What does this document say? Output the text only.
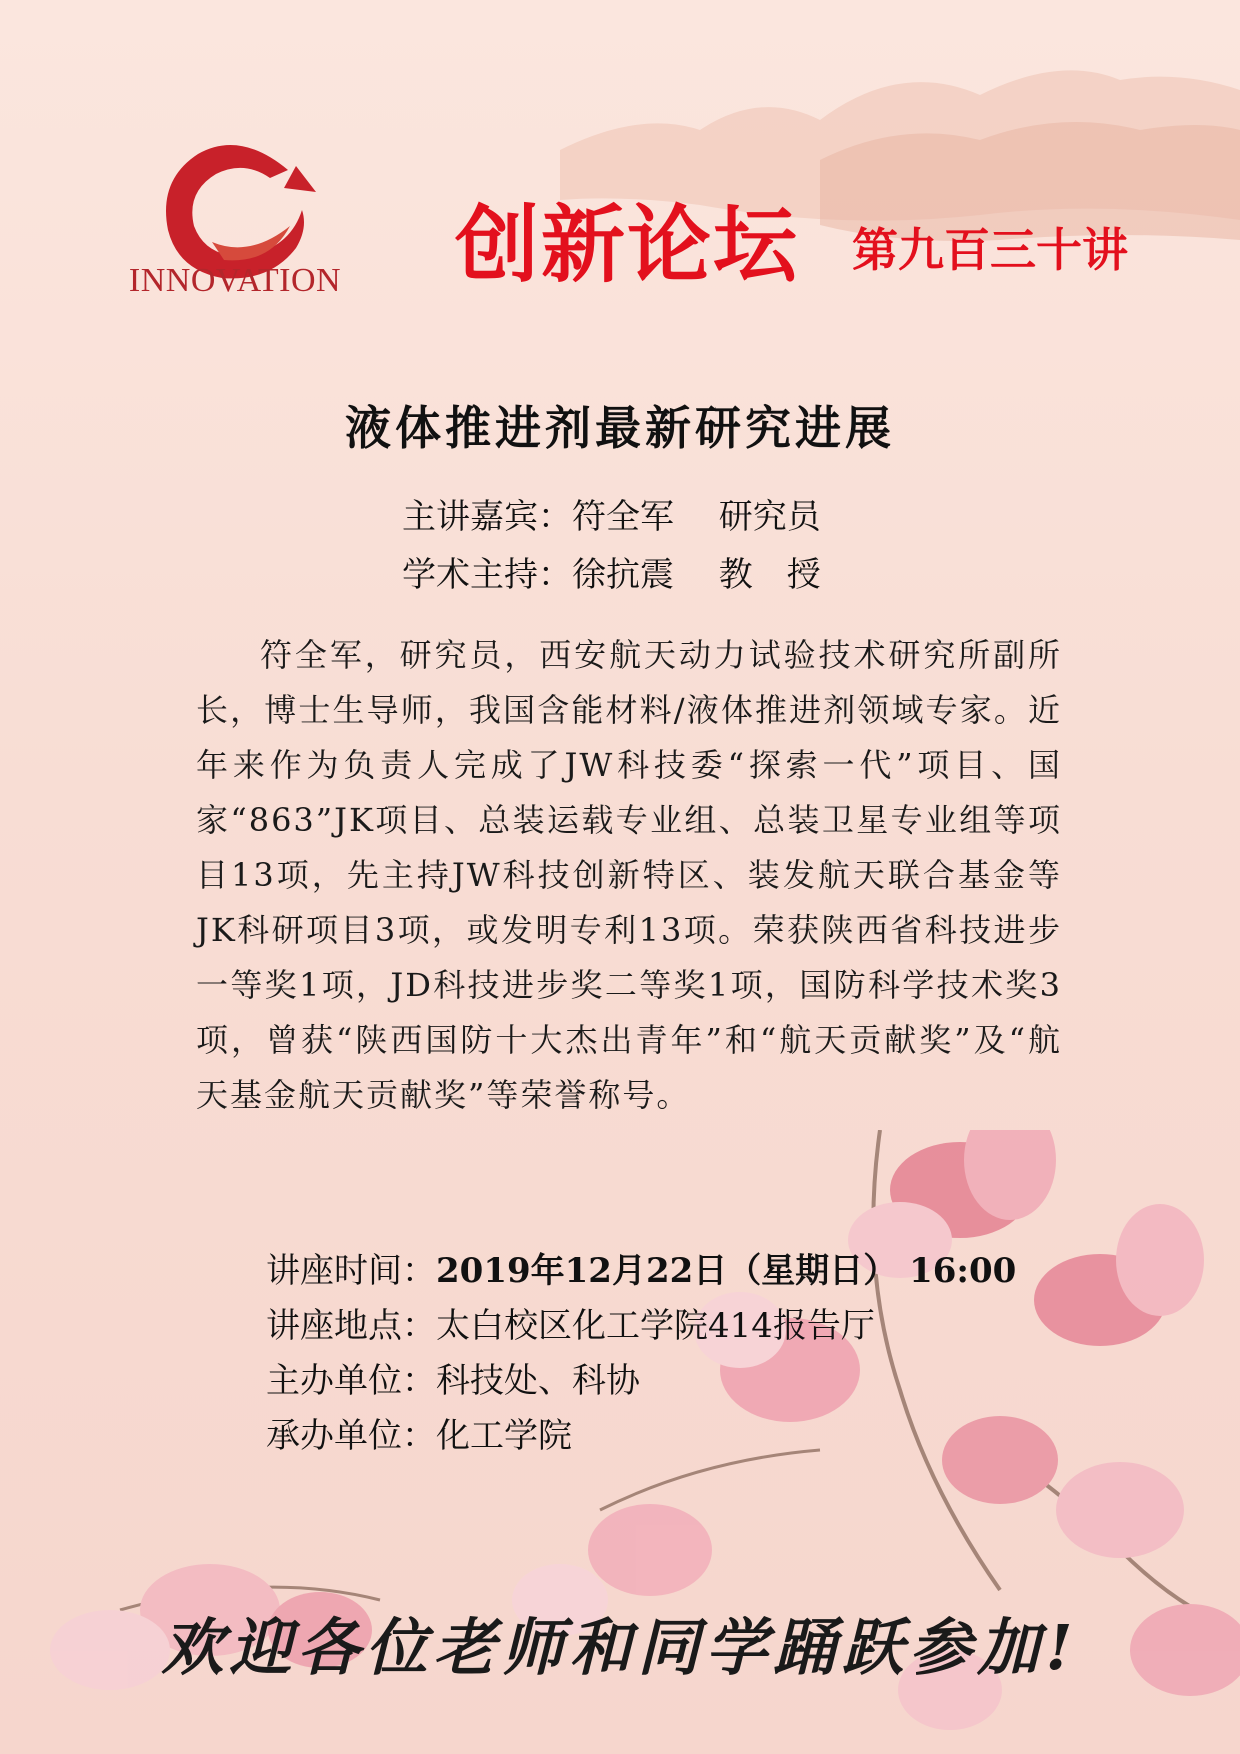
INNOVATION 创新论坛 第九百三十讲
液体推进剂最新研究进展
主讲嘉宾：符全军　 研究员
学术主持：徐抗震　 教　授
符全军，研究员，西安航天动力试验技术研究所副所长，博士生导师，我国含能材料/液体推进剂领域专家。近年来作为负责人完成了JW科技委“探索一代”项目、国家“863”JK项目、总装运载专业组、总装卫星专业组等项目13项，先主持JW科技创新特区、装发航天联合基金等JK科研项目3项，或发明专利13项。荣获陕西省科技进步一等奖1项，JD科技进步奖二等奖1项，国防科学技术奖3项，曾获“陕西国防十大杰出青年”和“航天贡献奖”及“航天基金航天贡献奖”等荣誉称号。
讲座时间：2019年12月22日（星期日） 16:00
讲座地点：太白校区化工学院414报告厅
主办单位：科技处、科协
承办单位：化工学院
欢迎各位老师和同学踊跃参加!
